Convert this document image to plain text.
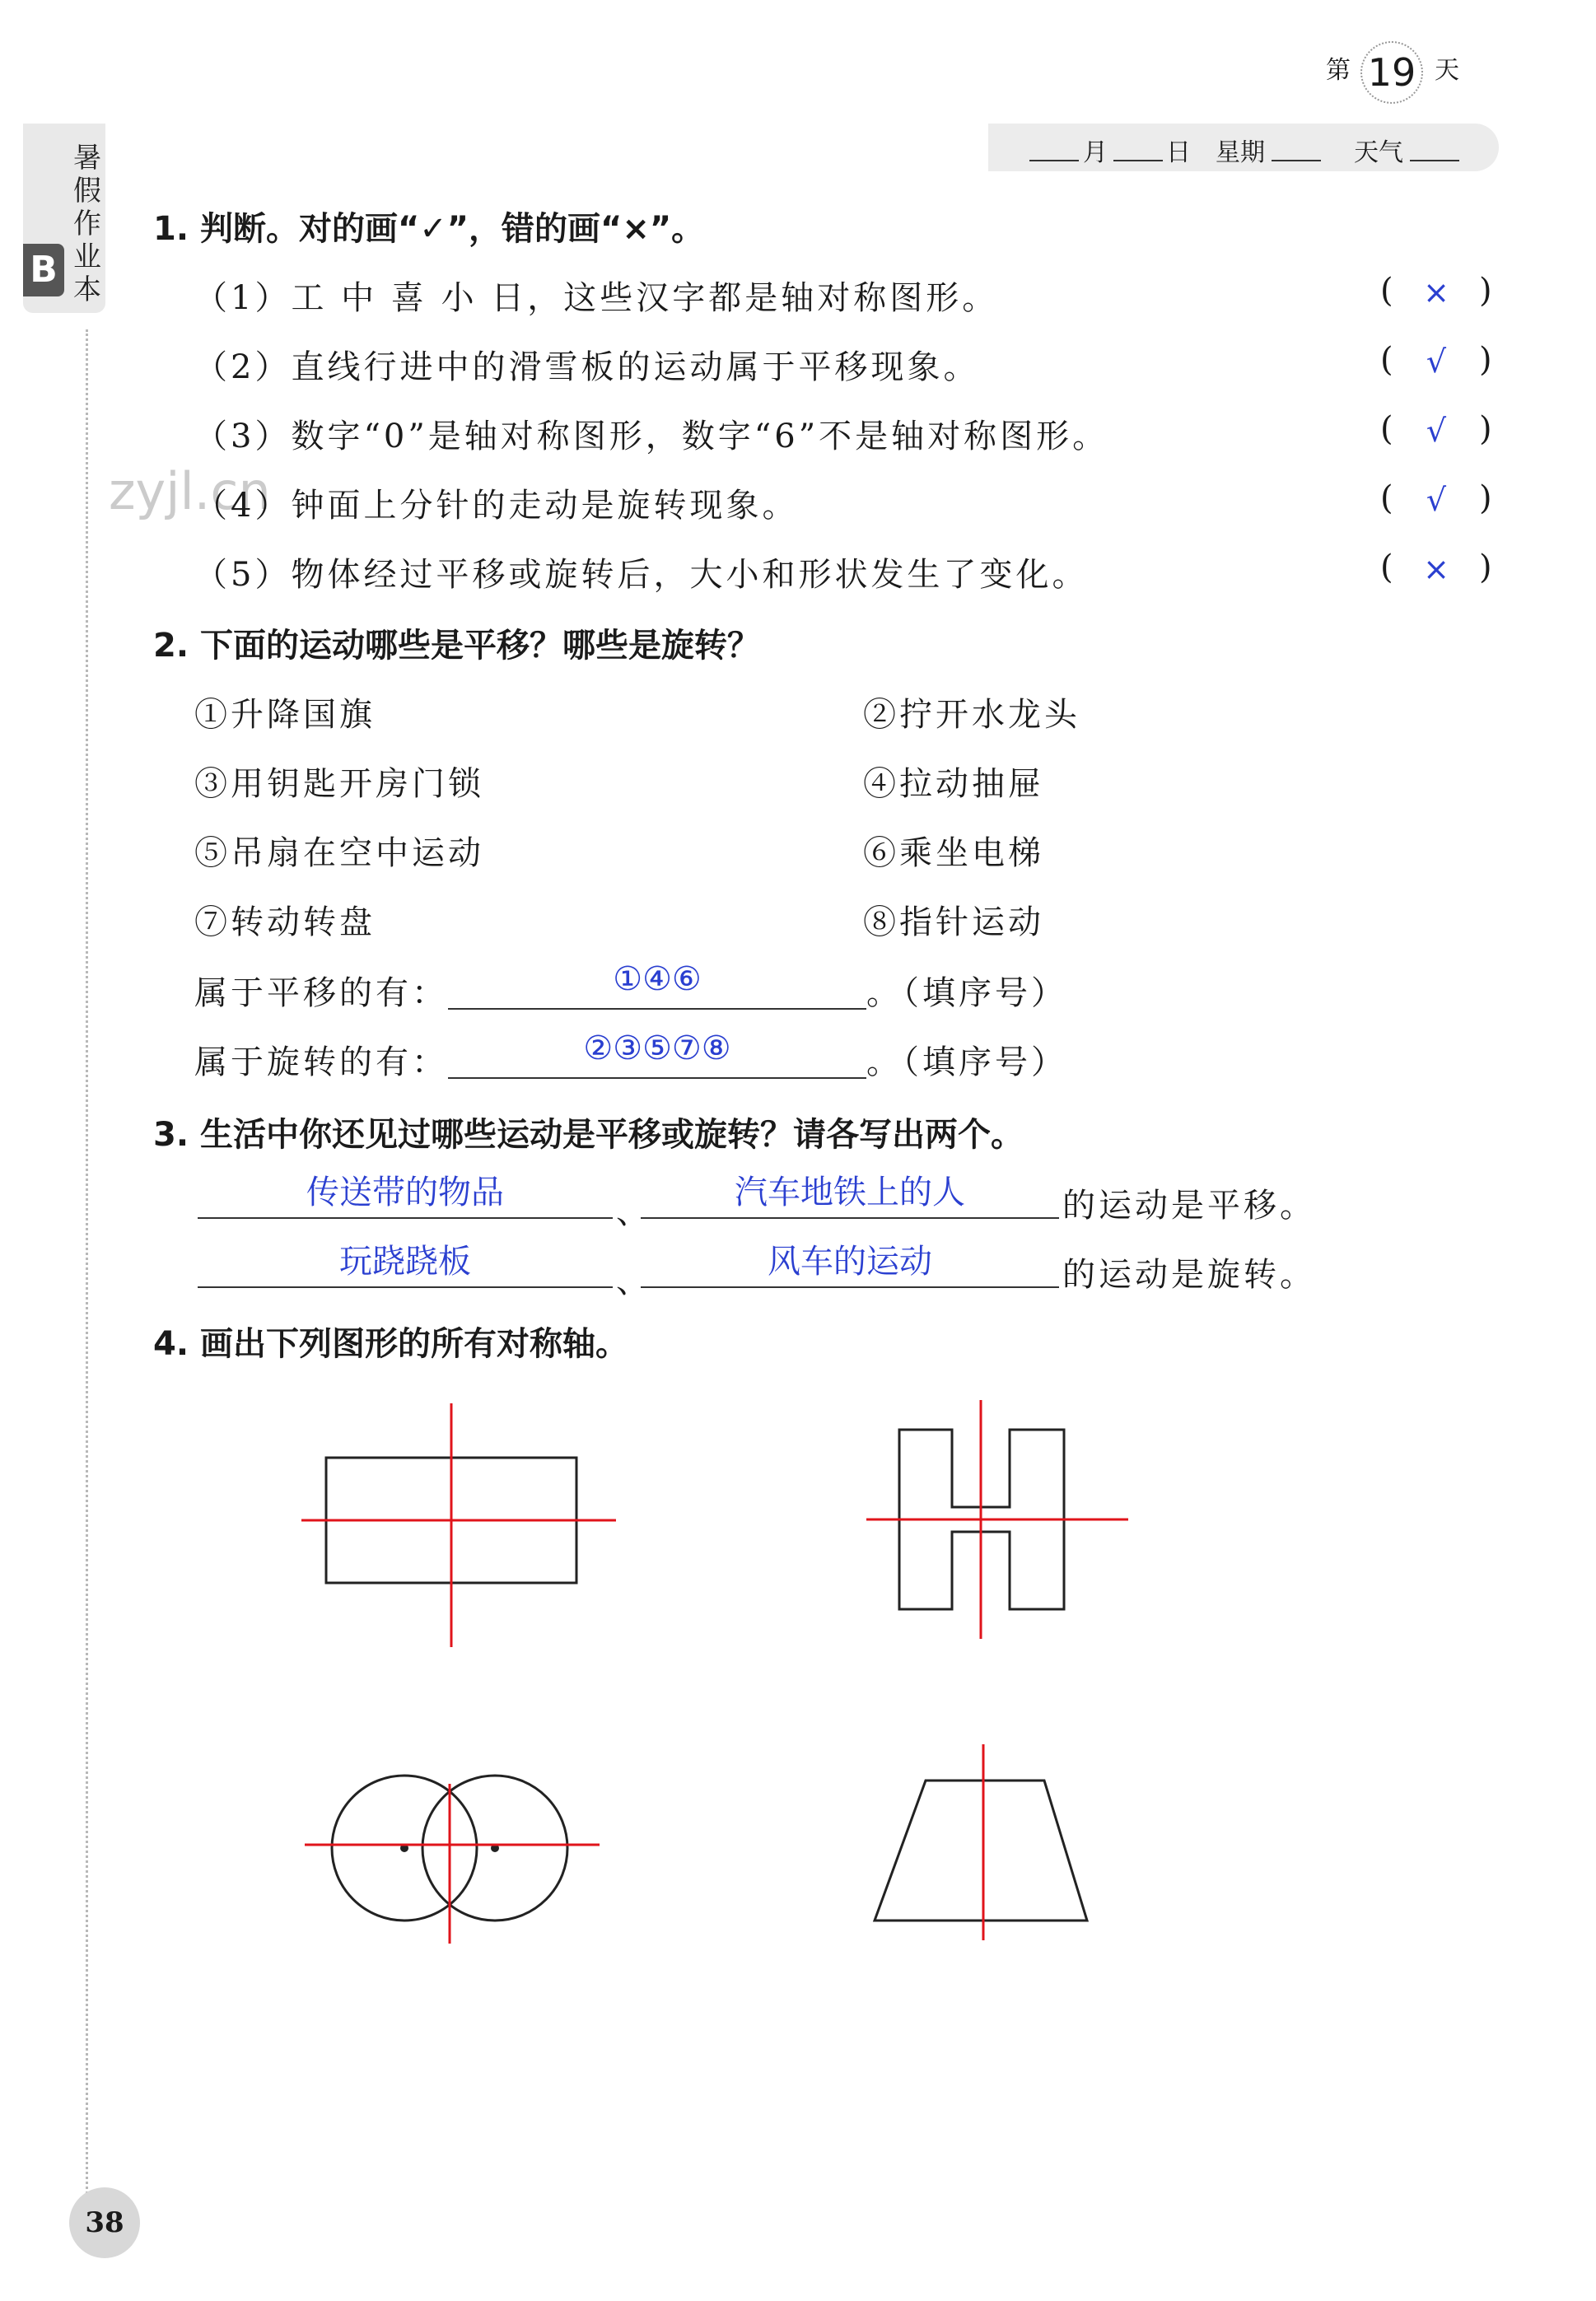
第 19 天
月 日 星期	天气
暑假作业本
B
zyjl.cn
1. 判断。对的画“✓”，错的画“×”。
（1）工 中 喜 小 日，这些汉字都是轴对称图形。	( × )
（2）直线行进中的滑雪板的运动属于平移现象。	(	√ )
（3）数字“0”是轴对称图形，数字“6”不是轴对称图形。	(	√ )
（4）钟面上分针的走动是旋转现象。	(	√ )
（5）物体经过平移或旋转后，大小和形状发生了变化。	( × )
2. 下面的运动哪些是平移？哪些是旋转？
①升降国旗	②拧开水龙头
③用钥匙开房门锁	④拉动抽屉
⑤吊扇在空中运动	⑥乘坐电梯
⑦转动转盘	⑧指针运动
属于平移的有：	①④⑥	。（填序号）
属于旋转的有：	②③⑤⑦⑧	。（填序号）
3. 生活中你还见过哪些运动是平移或旋转？请各写出两个。
传送带的物品
、
汽车地铁上的人	的运动是平移。
玩跷跷板
、
风车的运动	的运动是旋转。
4. 画出下列图形的所有对称轴。
38
